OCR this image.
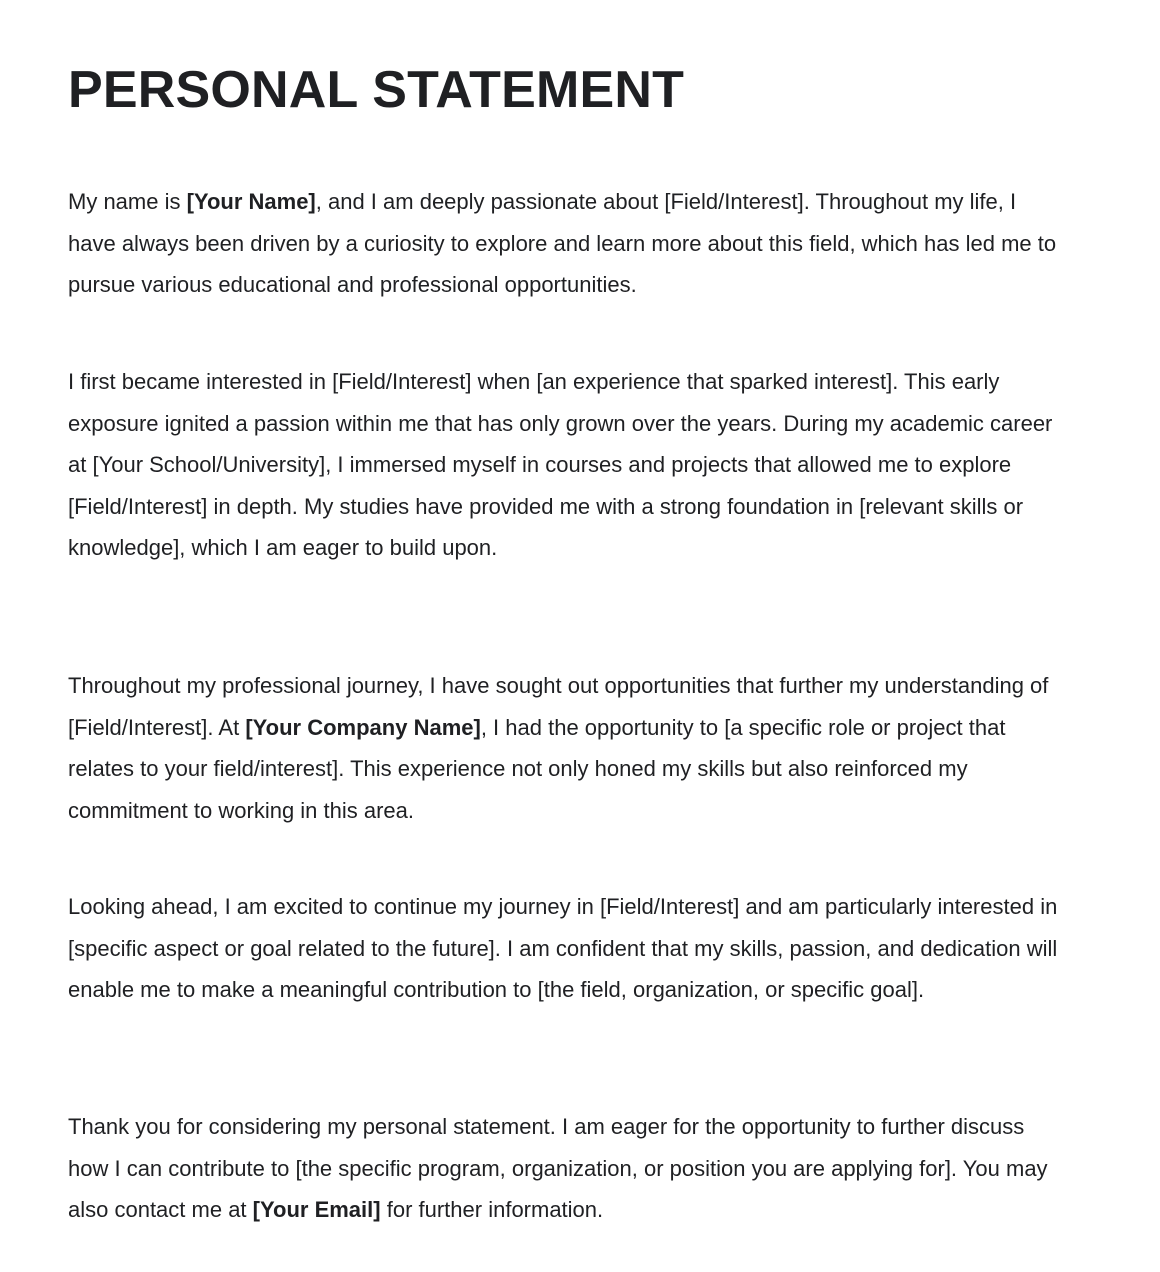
PERSONAL STATEMENT

My name is [Your Name], and I am deeply passionate about [Field/Interest]. Throughout my life, I have always been driven by a curiosity to explore and learn more about this field, which has led me to pursue various educational and professional opportunities.

I first became interested in [Field/Interest] when [an experience that sparked interest]. This early exposure ignited a passion within me that has only grown over the years. During my academic career at [Your School/University], I immersed myself in courses and projects that allowed me to explore [Field/Interest] in depth. My studies have provided me with a strong foundation in [relevant skills or knowledge], which I am eager to build upon.

Throughout my professional journey, I have sought out opportunities that further my understanding of [Field/Interest]. At [Your Company Name], I had the opportunity to [a specific role or project that relates to your field/interest]. This experience not only honed my skills but also reinforced my commitment to working in this area.

Looking ahead, I am excited to continue my journey in [Field/Interest] and am particularly interested in [specific aspect or goal related to the future]. I am confident that my skills, passion, and dedication will enable me to make a meaningful contribution to [the field, organization, or specific goal].

Thank you for considering my personal statement. I am eager for the opportunity to further discuss how I can contribute to [the specific program, organization, or position you are applying for]. You may also contact me at [Your Email] for further information.
